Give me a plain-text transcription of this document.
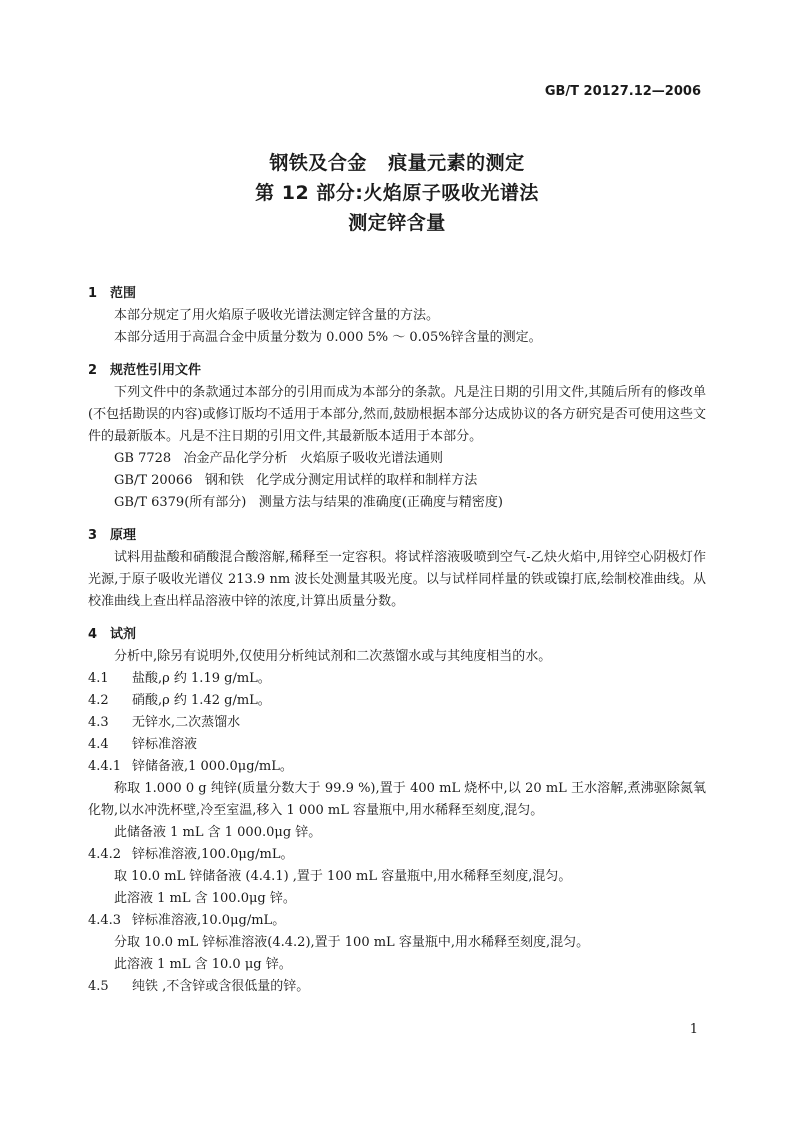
GB/T 20127.12—2006
钢铁及合金   痕量元素的测定
第 12 部分:火焰原子吸收光谱法
测定锌含量
1 范围
本部分规定了用火焰原子吸收光谱法测定锌含量的方法。
本部分适用于高温合金中质量分数为 0.000 5% ～ 0.05%锌含量的测定。
2 规范性引用文件
下列文件中的条款通过本部分的引用而成为本部分的条款。凡是注日期的引用文件,其随后所有的修改单(不包括勘误的内容)或修订版均不适用于本部分,然而,鼓励根据本部分达成协议的各方研究是否可使用这些文件的最新版本。凡是不注日期的引用文件,其最新版本适用于本部分。
GB 7728   冶金产品化学分析   火焰原子吸收光谱法通则
GB/T 20066   钢和铁   化学成分测定用试样的取样和制样方法
GB/T 6379(所有部分)   测量方法与结果的准确度(正确度与精密度)
3 原理
试料用盐酸和硝酸混合酸溶解,稀释至一定容积。将试样溶液吸喷到空气-乙炔火焰中,用锌空心阴极灯作光源,于原子吸收光谱仪 213.9 nm 波长处测量其吸光度。以与试样同样量的铁或镍打底,绘制校准曲线。从校准曲线上查出样品溶液中锌的浓度,计算出质量分数。
4 试剂
分析中,除另有说明外,仅使用分析纯试剂和二次蒸馏水或与其纯度相当的水。
4.1 盐酸,ρ 约 1.19 g/mL。
4.2 硝酸,ρ 约 1.42 g/mL。
4.3 无锌水,二次蒸馏水
4.4 锌标准溶液
4.4.1 锌储备液,1 000.0μg/mL。
称取 1.000 0 g 纯锌(质量分数大于 99.9 %),置于 400 mL 烧杯中,以 20 mL 王水溶解,煮沸驱除氮氧化物,以水冲洗杯壁,冷至室温,移入 1 000 mL 容量瓶中,用水稀释至刻度,混匀。
此储备液 1 mL 含 1 000.0μg 锌。
4.4.2 锌标准溶液,100.0μg/mL。
取 10.0 mL 锌储备液 (4.4.1) ,置于 100 mL 容量瓶中,用水稀释至刻度,混匀。
此溶液 1 mL 含 100.0μg 锌。
4.4.3 锌标准溶液,10.0μg/mL。
分取 10.0 mL 锌标准溶液(4.4.2),置于 100 mL 容量瓶中,用水稀释至刻度,混匀。
此溶液 1 mL 含 10.0 μg 锌。
4.5 纯铁 ,不含锌或含很低量的锌。
1
